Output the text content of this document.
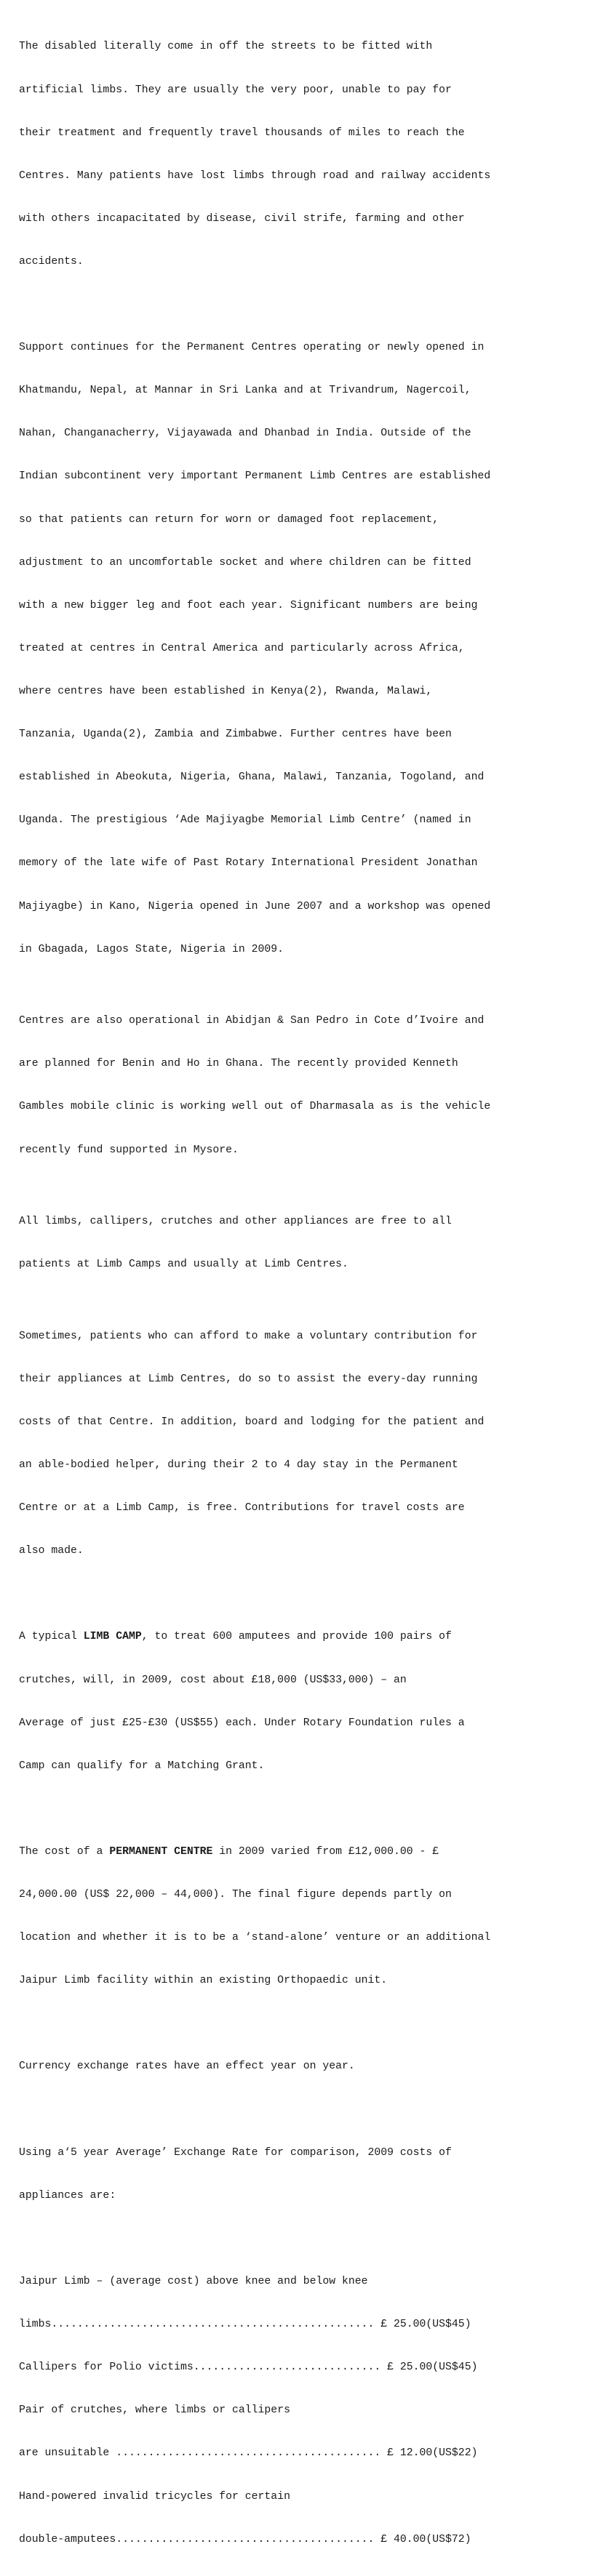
The disabled literally come in off the streets to be fitted with

artificial limbs. They are usually the very poor, unable to pay for

their treatment and frequently travel thousands of miles to reach the

Centres. Many patients have lost limbs through road and railway accidents

with others incapacitated by disease, civil strife, farming and other

accidents.

Support continues for the Permanent Centres operating or newly opened in

Khatmandu, Nepal, at Mannar in Sri Lanka and at Trivandrum, Nagercoil,

Nahan, Changanacherry, Vijayawada and Dhanbad in India. Outside of the

Indian subcontinent very important Permanent Limb Centres are established

so that patients can return for worn or damaged foot replacement,

adjustment to an uncomfortable socket and where children can be fitted

with a new bigger leg and foot each year. Significant numbers are being

treated at centres in Central America and particularly across Africa,

where centres have been established in Kenya(2), Rwanda, Malawi,

Tanzania, Uganda(2), Zambia and Zimbabwe. Further centres have been

established in Abeokuta, Nigeria, Ghana, Malawi, Tanzania, Togoland, and

Uganda. The prestigious ‘Ade Majiyagbe Memorial Limb Centre’ (named in

memory of the late wife of Past Rotary International President Jonathan

Majiyagbe) in Kano, Nigeria opened in June 2007 and a workshop was opened

in Gbagada, Lagos State, Nigeria in 2009.

Centres are also operational in Abidjan & San Pedro in Cote d’Ivoire and

are planned for Benin and Ho in Ghana. The recently provided Kenneth

Gambles mobile clinic is working well out of Dharmasala as is the vehicle

recently fund supported in Mysore.

All limbs, callipers, crutches and other appliances are free to all

patients at Limb Camps and usually at Limb Centres.

Sometimes, patients who can afford to make a voluntary contribution for

their appliances at Limb Centres, do so to assist the every-day running

costs of that Centre. In addition, board and lodging for the patient and

an able-bodied helper, during their 2 to 4 day stay in the Permanent

Centre or at a Limb Camp, is free. Contributions for travel costs are

also made.

A typical LIMB CAMP, to treat 600 amputees and provide 100 pairs of

crutches, will, in 2009, cost about £18,000 (US$33,000) – an

Average of just £25-£30 (US$55) each. Under Rotary Foundation rules a

Camp can qualify for a Matching Grant.

The cost of a PERMANENT CENTRE in 2009 varied from £12,000.00 - £

24,000.00 (US$ 22,000 – 44,000). The final figure depends partly on

location and whether it is to be a ‘stand-alone’ venture or an additional

Jaipur Limb facility within an existing Orthopaedic unit.

Currency exchange rates have an effect year on year.

Using a‘5 year Average’ Exchange Rate for comparison, 2009 costs of

appliances are:

Jaipur Limb – (average cost) above knee and below knee

limbs.................................................. £ 25.00(US$45)

Callipers for Polio victims............................. £ 25.00(US$45)

Pair of crutches, where limbs or callipers

are unsuitable ......................................... £ 12.00(US$22)

Hand-powered invalid tricycles for certain

double-amputees........................................ £ 40.00(US$72)
